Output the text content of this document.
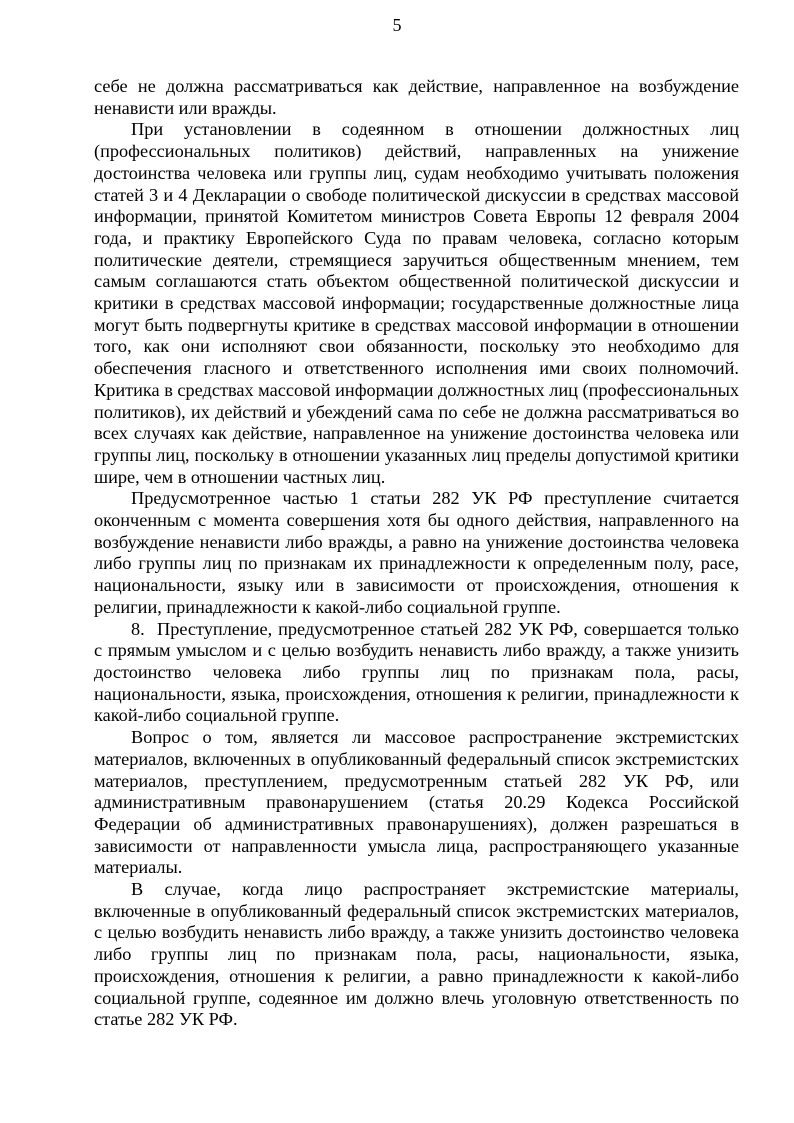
5

себе не должна рассматриваться как действие, направленное на возбуждение ненависти или вражды.

При установлении в содеянном в отношении должностных лиц (профессиональных политиков) действий, направленных на унижение достоинства человека или группы лиц, судам необходимо учитывать положения статей 3 и 4 Декларации о свободе политической дискуссии в средствах массовой информации, принятой Комитетом министров Совета Европы 12 февраля 2004 года, и практику Европейского Суда по правам человека, согласно которым политические деятели, стремящиеся заручиться общественным мнением, тем самым соглашаются стать объектом общественной политической дискуссии и критики в средствах массовой информации; государственные должностные лица могут быть подвергнуты критике в средствах массовой информации в отношении того, как они исполняют свои обязанности, поскольку это необходимо для обеспечения гласного и ответственного исполнения ими своих полномочий. Критика в средствах массовой информации должностных лиц (профессиональных политиков), их действий и убеждений сама по себе не должна рассматриваться во всех случаях как действие, направленное на унижение достоинства человека или группы лиц, поскольку в отношении указанных лиц пределы допустимой критики шире, чем в отношении частных лиц.

Предусмотренное частью 1 статьи 282 УК РФ преступление считается оконченным с момента совершения хотя бы одного действия, направленного на возбуждение ненависти либо вражды, а равно на унижение достоинства человека либо группы лиц по признакам их принадлежности к определенным полу, расе, национальности, языку или в зависимости от происхождения, отношения к религии, принадлежности к какой-либо социальной группе.

8. Преступление, предусмотренное статьей 282 УК РФ, совершается только с прямым умыслом и с целью возбудить ненависть либо вражду, а также унизить достоинство человека либо группы лиц по признакам пола, расы, национальности, языка, происхождения, отношения к религии, принадлежности к какой-либо социальной группе.

Вопрос о том, является ли массовое распространение экстремистских материалов, включенных в опубликованный федеральный список экстремистских материалов, преступлением, предусмотренным статьей 282 УК РФ, или административным правонарушением (статья 20.29 Кодекса Российской Федерации об административных правонарушениях), должен разрешаться в зависимости от направленности умысла лица, распространяющего указанные материалы.

В случае, когда лицо распространяет экстремистские материалы, включенные в опубликованный федеральный список экстремистских материалов, с целью возбудить ненависть либо вражду, а также унизить достоинство человека либо группы лиц по признакам пола, расы, национальности, языка, происхождения, отношения к религии, а равно принадлежности к какой-либо социальной группе, содеянное им должно влечь уголовную ответственность по статье 282 УК РФ.
